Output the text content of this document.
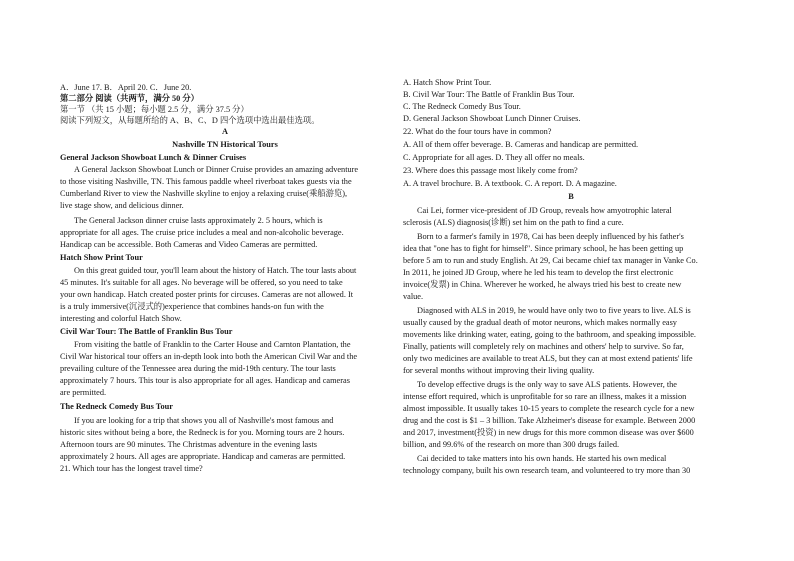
A．June 17. B．April 20. C．June 20.
第二部分 阅读（共两节，满分 50 分）
第一节 （共 15 小题；每小题 2.5 分，满分 37.5 分）
阅读下列短文，从每题所给的 A、B、C、D 四个选项中选出最佳选项。
A
Nashville TN Historical Tours
General Jackson Showboat Lunch & Dinner Cruises
A General Jackson Showboat Lunch or Dinner Cruise provides an amazing adventure
to those visiting Nashville, TN. This famous paddle wheel riverboat takes guests via the
Cumberland River to view the Nashville skyline to enjoy a relaxing cruise(乘船游览),
live stage show, and delicious dinner.
The General Jackson dinner cruise lasts approximately 2. 5 hours, which is
appropriate for all ages. The cruise price includes a meal and non-alcoholic beverage.
Handicap can be accessible. Both Cameras and Video Cameras are permitted.
Hatch Show Print Tour
On this great guided tour, you'll learn about the history of Hatch. The tour lasts about
45 minutes. It's suitable for all ages. No beverage will be offered, so you need to take
your own handicap. Hatch created poster prints for circuses. Cameras are not allowed. It
is a truly immersive(沉浸式的)experience that combines hands-on fun with the
interesting and colorful Hatch Show.
Civil War Tour: The Battle of Franklin Bus Tour
From visiting the battle of Franklin to the Carter House and Carnton Plantation, the
Civil War historical tour offers an in-depth look into both the American Civil War and the
prevailing culture of the Tennessee area during the mid-19th century. The tour lasts
approximately 7 hours. This tour is also appropriate for all ages. Handicap and cameras
are permitted.
The Redneck Comedy Bus Tour
If you are looking for a trip that shows you all of Nashville's most famous and
historic sites without being a bore, the Redneck is for you. Morning tours are 2 hours.
Afternoon tours are 90 minutes. The Christmas adventure in the evening lasts
approximately 2 hours. All ages are appropriate. Handicap and cameras are permitted.
21. Which tour has the longest travel time?
A. Hatch Show Print Tour.
B. Civil War Tour: The Battle of Franklin Bus Tour.
C. The Redneck Comedy Bus Tour.
D. General Jackson Showboat Lunch Dinner Cruises.
22. What do the four tours have in common?
A. All of them offer beverage. B. Cameras and handicap are permitted.
C. Appropriate for all ages. D. They all offer no meals.
23. Where does this passage most likely come from?
A. A travel brochure. B. A textbook. C. A report. D. A magazine.
B
Cai Lei, former vice-president of JD Group, reveals how amyotrophic lateral
sclerosis (ALS) diagnosis(诊断) set him on the path to find a cure.
Born to a farmer's family in 1978, Cai has been deeply influenced by his father's
idea that "one has to fight for himself". Since primary school, he has been getting up
before 5 am to run and study English. At 29, Cai became chief tax manager in Vanke Co.
In 2011, he joined JD Group, where he led his team to develop the first electronic
invoice(发票) in China. Wherever he worked, he always tried his best to create new
value.
Diagnosed with ALS in 2019, he would have only two to five years to live. ALS is
usually caused by the gradual death of motor neurons, which makes normally easy
movements like drinking water, eating, going to the bathroom, and speaking impossible.
Finally, patients will completely rely on machines and others' help to survive. So far,
only two medicines are available to treat ALS, but they can at most extend patients' life
for several months without improving their living quality.
To develop effective drugs is the only way to save ALS patients. However, the
intense effort required, which is unprofitable for so rare an illness, makes it a mission
almost impossible. It usually takes 10-15 years to complete the research cycle for a new
drug and the cost is $1 – 3 billion. Take Alzheimer's disease for example. Between 2000
and 2017, investment(投资) in new drugs for this more common disease was over $600
billion, and 99.6% of the research on more than 300 drugs failed.
Cai decided to take matters into his own hands. He started his own medical
technology company, built his own research team, and volunteered to try more than 30
